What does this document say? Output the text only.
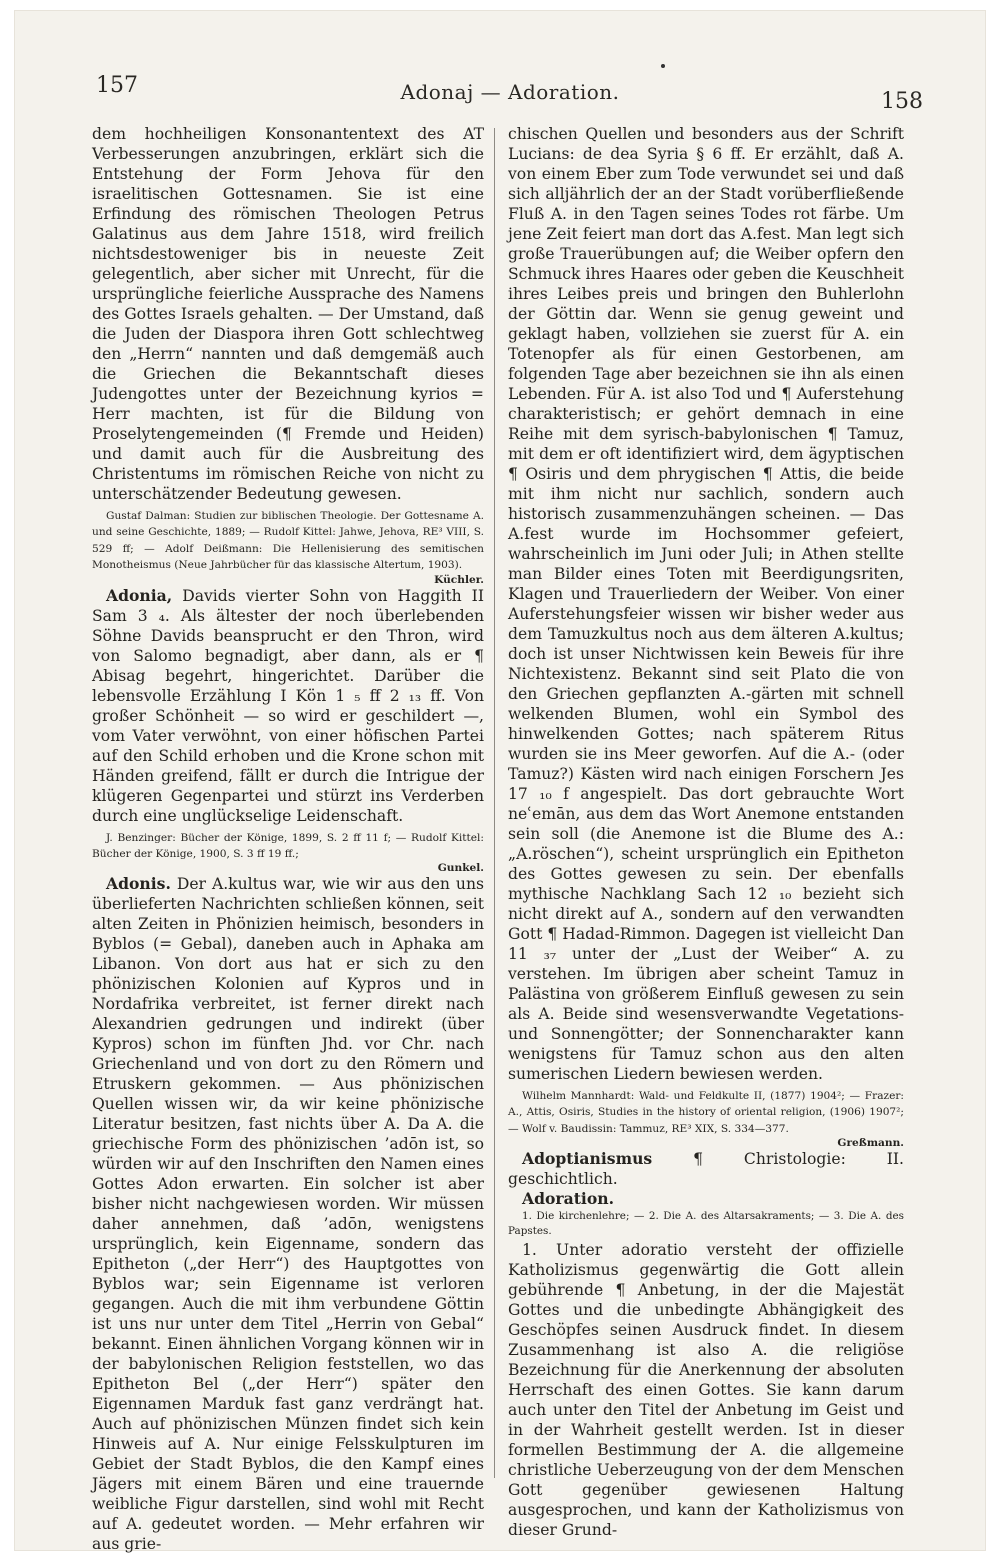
157	Adonaj — Adoration.	158

dem hochheiligen Konsonantentext des AT Verbesserungen anzubringen, erklärt sich die Entstehung der Form Jehova für den israelitischen Gottesnamen. Sie ist eine Erfindung des römischen Theologen Petrus Galatinus aus dem Jahre 1518, wird freilich nichtsdestoweniger bis in neueste Zeit gelegentlich, aber sicher mit Unrecht, für die ursprüngliche feierliche Aussprache des Namens des Gottes Israels gehalten. — Der Umstand, daß die Juden der Diaspora ihren Gott schlechtweg den „Herrn“ nannten und daß demgemäß auch die Griechen die Bekanntschaft dieses Judengottes unter der Bezeichnung kyrios = Herr machten, ist für die Bildung von Proselytengemeinden (¶ Fremde und Heiden) und damit auch für die Ausbreitung des Christentums im römischen Reiche von nicht zu unterschätzender Bedeutung gewesen.

Gustaf Dalman: Studien zur biblischen Theologie. Der Gottesname A. und seine Geschichte, 1889; — Rudolf Kittel: Jahwe, Jehova, RE³ VIII, S. 529 ff; — Adolf Deißmann: Die Hellenisierung des semitischen Monotheismus (Neue Jahrbücher für das klassische Altertum, 1903).

Küchler.

Adonia, Davids vierter Sohn von Haggith II Sam 3 ₄. Als ältester der noch überlebenden Söhne Davids beansprucht er den Thron, wird von Salomo begnadigt, aber dann, als er ¶ Abisag begehrt, hingerichtet. Darüber die lebensvolle Erzählung I Kön 1 ₅ ff 2 ₁₃ ff. Von großer Schönheit — so wird er geschildert —, vom Vater verwöhnt, von einer höfischen Partei auf den Schild erhoben und die Krone schon mit Händen greifend, fällt er durch die Intrigue der klügeren Gegenpartei und stürzt ins Verderben durch eine unglückselige Leidenschaft.

J. Benzinger: Bücher der Könige, 1899, S. 2 ff 11 f; — Rudolf Kittel: Bücher der Könige, 1900, S. 3 ff 19 ff.;

Gunkel.

Adonis. Der A.kultus war, wie wir aus den uns überlieferten Nachrichten schließen können, seit alten Zeiten in Phönizien heimisch, besonders in Byblos (= Gebal), daneben auch in Aphaka am Libanon. Von dort aus hat er sich zu den phönizischen Kolonien auf Kypros und in Nordafrika verbreitet, ist ferner direkt nach Alexandrien gedrungen und indirekt (über Kypros) schon im fünften Jhd. vor Chr. nach Griechenland und von dort zu den Römern und Etruskern gekommen. — Aus phönizischen Quellen wissen wir, da wir keine phönizische Literatur besitzen, fast nichts über A. Da A. die griechische Form des phönizischen ’adōn ist, so würden wir auf den Inschriften den Namen eines Gottes Adon erwarten. Ein solcher ist aber bisher nicht nachgewiesen worden. Wir müssen daher annehmen, daß ’adōn, wenigstens ursprünglich, kein Eigenname, sondern das Epitheton („der Herr“) des Hauptgottes von Byblos war; sein Eigenname ist verloren gegangen. Auch die mit ihm verbundene Göttin ist uns nur unter dem Titel „Herrin von Gebal“ bekannt. Einen ähnlichen Vorgang können wir in der babylonischen Religion feststellen, wo das Epitheton Bel („der Herr“) später den Eigennamen Marduk fast ganz verdrängt hat. Auch auf phönizischen Münzen findet sich kein Hinweis auf A. Nur einige Felsskulpturen im Gebiet der Stadt Byblos, die den Kampf eines Jägers mit einem Bären und eine trauernde weibliche Figur darstellen, sind wohl mit Recht auf A. gedeutet worden. — Mehr erfahren wir aus grie-

chischen Quellen und besonders aus der Schrift Lucians: de dea Syria § 6 ff. Er erzählt, daß A. von einem Eber zum Tode verwundet sei und daß sich alljährlich der an der Stadt vorüberfließende Fluß A. in den Tagen seines Todes rot färbe. Um jene Zeit feiert man dort das A.fest. Man legt sich große Trauerübungen auf; die Weiber opfern den Schmuck ihres Haares oder geben die Keuschheit ihres Leibes preis und bringen den Buhlerlohn der Göttin dar. Wenn sie genug geweint und geklagt haben, vollziehen sie zuerst für A. ein Totenopfer als für einen Gestorbenen, am folgenden Tage aber bezeichnen sie ihn als einen Lebenden. Für A. ist also Tod und ¶ Auferstehung charakteristisch; er gehört demnach in eine Reihe mit dem syrisch-babylonischen ¶ Tamuz, mit dem er oft identifiziert wird, dem ägyptischen ¶ Osiris und dem phrygischen ¶ Attis, die beide mit ihm nicht nur sachlich, sondern auch historisch zusammenzuhängen scheinen. — Das A.fest wurde im Hochsommer gefeiert, wahrscheinlich im Juni oder Juli; in Athen stellte man Bilder eines Toten mit Beerdigungsriten, Klagen und Trauerliedern der Weiber. Von einer Auferstehungsfeier wissen wir bisher weder aus dem Tamuzkultus noch aus dem älteren A.kultus; doch ist unser Nichtwissen kein Beweis für ihre Nichtexistenz. Bekannt sind seit Plato die von den Griechen gepflanzten A.-gärten mit schnell welkenden Blumen, wohl ein Symbol des hinwelkenden Gottes; nach späterem Ritus wurden sie ins Meer geworfen. Auf die A.- (oder Tamuz?) Kästen wird nach einigen Forschern Jes 17 ₁₀ f angespielt. Das dort gebrauchte Wort neʿemān, aus dem das Wort Anemone entstanden sein soll (die Anemone ist die Blume des A.: „A.röschen“), scheint ursprünglich ein Epitheton des Gottes gewesen zu sein. Der ebenfalls mythische Nachklang Sach 12 ₁₀ bezieht sich nicht direkt auf A., sondern auf den verwandten Gott ¶ Hadad-Rimmon. Dagegen ist vielleicht Dan 11 ₃₇ unter der „Lust der Weiber“ A. zu verstehen. Im übrigen aber scheint Tamuz in Palästina von größerem Einfluß gewesen zu sein als A. Beide sind wesensverwandte Vegetations- und Sonnengötter; der Sonnencharakter kann wenigstens für Tamuz schon aus den alten sumerischen Liedern bewiesen werden.

Wilhelm Mannhardt: Wald- und Feldkulte II, (1877) 1904²; — Frazer: A., Attis, Osiris, Studies in the history of oriental religion, (1906) 1907²; — Wolf v. Baudissin: Tammuz, RE³ XIX, S. 334—377.

Greßmann.

Adoptianismus	¶ Christologie: II. geschichtlich.

Adoration.

1. Die kirchenlehre; — 2. Die A. des Altarsakraments; — 3. Die A. des Papstes.

1. Unter adoratio versteht der offizielle Katholizismus gegenwärtig die Gott allein gebührende ¶ Anbetung, in der die Majestät Gottes und die unbedingte Abhängigkeit des Geschöpfes seinen Ausdruck findet. In diesem Zusammenhang ist also A. die religiöse Bezeichnung für die Anerkennung der absoluten Herrschaft des einen Gottes. Sie kann darum auch unter den Titel der Anbetung im Geist und in der Wahrheit gestellt werden. Ist in dieser formellen Bestimmung der A. die allgemeine christliche Ueberzeugung von der dem Menschen Gott gegenüber gewiesenen Haltung ausgesprochen, und kann der Katholizismus von dieser Grund-
